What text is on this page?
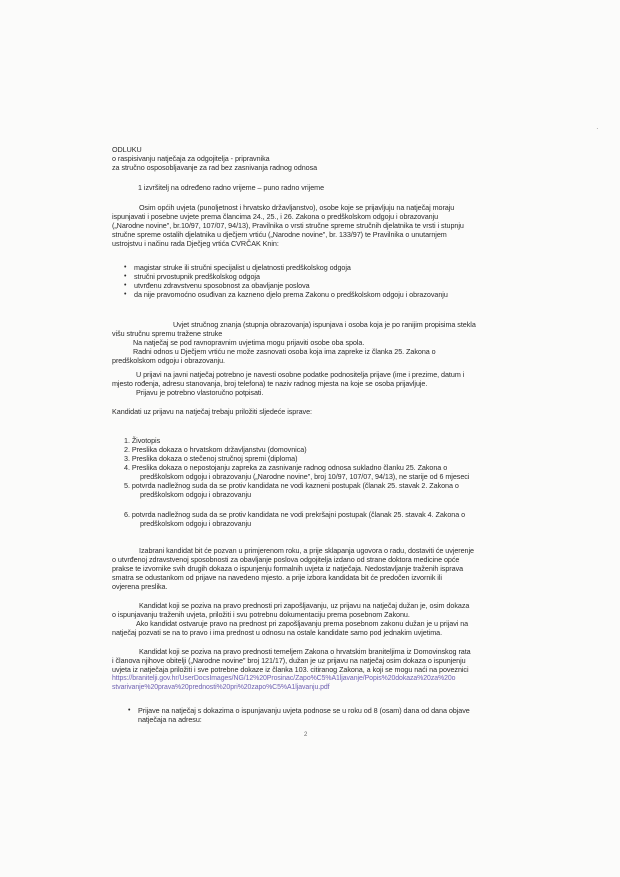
ODLUKU
o raspisivanju natječaja za odgojitelja - pripravnika
za stručno osposobljavanje za rad bez zasnivanja radnog odnosa
1 izvršitelj na određeno radno vrijeme – puno radno vrijeme
Osim općih uvjeta (punoljetnost i hrvatsko državljanstvo), osobe koje se prijavljuju na natječaj moraju
ispunjavati i posebne uvjete prema člancima 24., 25., i 26. Zakona o predškolskom odgoju i obrazovanju
(„Narodne novine", br.10/97, 107/07, 94/13), Pravilnika o vrsti stručne spreme stručnih djelatnika te vrsti i stupnju
stručne spreme ostalih djelatnika u dječjem vrtiću („Narodne novine", br. 133/97) te Pravilnika o unutarnjem
ustrojstvu i načinu rada Dječjeg vrtića CVRČAK Knin:
• magistar struke ili stručni specijalist u djelatnosti predškolskog odgoja
• stručni prvostupnik predškolskog odgoja
• utvrđenu zdravstvenu sposobnost za obavljanje poslova
• da nije pravomoćno osuđivan za kazneno djelo prema Zakonu o predškolskom odgoju i obrazovanju
Uvjet stručnog znanja (stupnja obrazovanja) ispunjava i osoba koja je po ranijim propisima stekla
višu stručnu spremu tražene struke
Na natječaj se pod ravnopravnim uvjetima mogu prijaviti osobe oba spola.
Radni odnos u Dječjem vrtiću ne može zasnovati osoba koja ima zapreke iz članka 25. Zakona o
predškolskom odgoju i obrazovanju.
U prijavi na javni natječaj potrebno je navesti osobne podatke podnositelja prijave (ime i prezime, datum i
mjesto rođenja, adresu stanovanja, broj telefona) te naziv radnog mjesta na koje se osoba prijavljuje.
Prijavu je potrebno vlastoručno potpisati.
Kandidati uz prijavu na natječaj trebaju priložiti sljedeće isprave:
1. Životopis
2. Preslika dokaza o hrvatskom državljanstvu (domovnica)
3. Preslika dokaza o stečenoj stručnoj spremi (diploma)
4. Preslika dokaza o nepostojanju zapreka za zasnivanje radnog odnosa sukladno članku 25. Zakona o
predškolskom odgoju i obrazovanju („Narodne novine", broj 10/97, 107/07, 94/13), ne starije od 6 mjeseci
5. potvrda nadležnog suda da se protiv kandidata ne vodi kazneni postupak (članak 25. stavak 2. Zakona o
predškolskom odgoju i obrazovanju
6. potvrda nadležnog suda da se protiv kandidata ne vodi prekršajni postupak (članak 25. stavak 4. Zakona o
predškolskom odgoju i obrazovanju
Izabrani kandidat bit će pozvan u primjerenom roku, a prije sklapanja ugovora o radu, dostaviti će uvjerenje
o utvrđenoj zdravstvenoj sposobnosti za obavljanje poslova odgojitelja izdano od strane doktora medicine opće
prakse te izvornike svih drugih dokaza o ispunjenju formalnih uvjeta iz natječaja. Nedostavljanje traženih isprava
smatra se odustankom od prijave na navedeno mjesto. a prije izbora kandidata bit će predočen izvornik ili
ovjerena preslika.
Kandidat koji se poziva na pravo prednosti pri zapošljavanju, uz prijavu na natječaj dužan je, osim dokaza
o ispunjavanju traženih uvjeta, priložiti i svu potrebnu dokumentaciju prema posebnom Zakonu.
Ako kandidat ostvaruje pravo na prednost pri zapošljavanju prema posebnom zakonu dužan je u prijavi na
natječaj pozvati se na to pravo i ima prednost u odnosu na ostale kandidate samo pod jednakim uvjetima.
Kandidat koji se poziva na pravo prednosti temeljem Zakona o hrvatskim braniteljima iz Domovinskog rata
i članova njihove obitelji („Narodne novine" broj 121/17), dužan je uz prijavu na natječaj osim dokaza o ispunjenju
uvjeta iz natječaja priložiti i sve potrebne dokaze iz članka 103. citiranog Zakona, a koji se mogu naći na poveznici
https://branitelji.gov.hr/UserDocsImages/NG/12%20Prosinac/Zapo%C5%A1ljavanje/Popis%20dokaza%20za%20o
stvarivanje%20prava%20prednosti%20pri%20zapo%C5%A1ljavanju.pdf
• Prijave na natječaj s dokazima o ispunjavanju uvjeta podnose se u roku od 8 (osam) dana od dana objave
natječaja na adresu:
2
·
